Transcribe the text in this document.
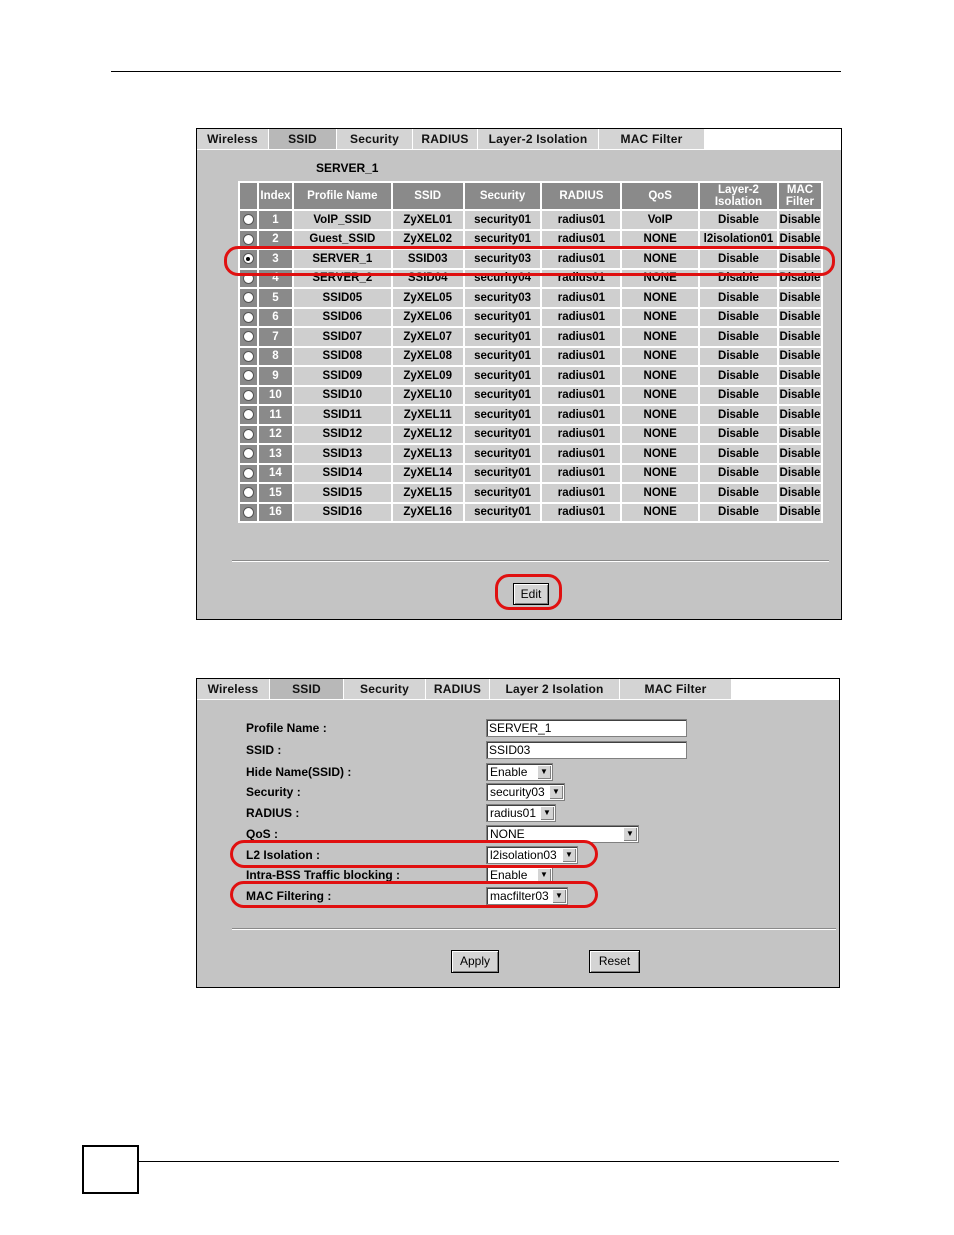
Wireless	SSID	Security	RADIUS	Layer-2 Isolation	MAC Filter
SERVER_1
	Index	Profile Name	SSID	Security	RADIUS	QoS	Layer-2
Isolation	MAC
Filter
	1	VoIP_SSID	ZyXEL01	security01	radius01	VoIP	Disable	Disable
	2	Guest_SSID	ZyXEL02	security01	radius01	NONE	l2isolation01	Disable
	3	SERVER_1	SSID03	security03	radius01	NONE	Disable	Disable
	4	SERVER_2	SSID04	security04	radius01	NONE	Disable	Disable
	5	SSID05	ZyXEL05	security03	radius01	NONE	Disable	Disable
	6	SSID06	ZyXEL06	security01	radius01	NONE	Disable	Disable
	7	SSID07	ZyXEL07	security01	radius01	NONE	Disable	Disable
	8	SSID08	ZyXEL08	security01	radius01	NONE	Disable	Disable
	9	SSID09	ZyXEL09	security01	radius01	NONE	Disable	Disable
	10	SSID10	ZyXEL10	security01	radius01	NONE	Disable	Disable
	11	SSID11	ZyXEL11	security01	radius01	NONE	Disable	Disable
	12	SSID12	ZyXEL12	security01	radius01	NONE	Disable	Disable
	13	SSID13	ZyXEL13	security01	radius01	NONE	Disable	Disable
	14	SSID14	ZyXEL14	security01	radius01	NONE	Disable	Disable
	15	SSID15	ZyXEL15	security01	radius01	NONE	Disable	Disable
	16	SSID16	ZyXEL16	security01	radius01	NONE	Disable	Disable
Edit
Wireless	SSID	Security	RADIUS	Layer 2 Isolation	MAC Filter
Profile Name :	SERVER_1
SSID :	SSID03
Hide Name(SSID) :	Enable	▼
Security :	security03 ▼
RADIUS :	radius01 ▼
QoS :	NONE	▼
L2 Isolation :	l2isolation03	▼
Intra-BSS Traffic blocking :	Enable	▼
MAC Filtering :	macfilter03 ▼
Apply	Reset
